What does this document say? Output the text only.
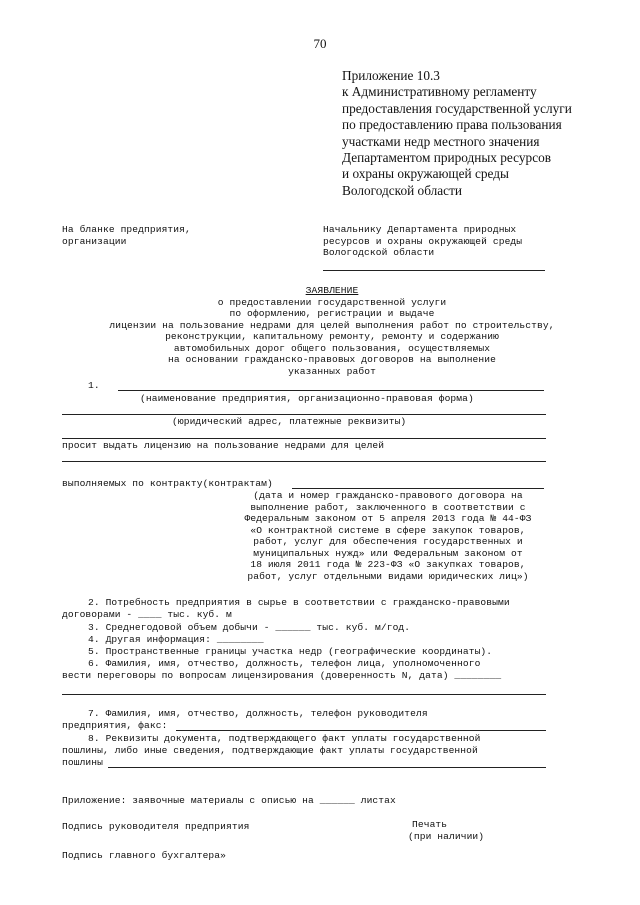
70
Приложение 10.3
к Административному регламенту
предоставления государственной услуги
по предоставлению права пользования
участками недр местного значения
Департаментом природных ресурсов
и охраны окружающей среды
Вологодской области
На бланке предприятия,
организации
Начальнику Департамента природных
ресурсов и охраны окружающей среды
Вологодской области
ЗАЯВЛЕНИЕ
о предоставлении государственной услуги
по оформлению, регистрации и выдаче
лицензии на пользование недрами для целей выполнения работ по строительству,
реконструкции, капитальному ремонту, ремонту и содержанию
автомобильных дорог общего пользования, осуществляемых
на основании гражданско-правовых договоров на выполнение
указанных работ
1.
(наименование предприятия, организационно-правовая форма)
(юридический адрес, платежные реквизиты)
просит выдать лицензию на пользование недрами для целей
выполняемых по контракту(контрактам)
(дата и номер гражданско-правового договора на
выполнение работ, заключенного в соответствии с
Федеральным законом от 5 апреля 2013 года № 44-ФЗ
«О контрактной системе в сфере закупок товаров,
работ, услуг для обеспечения государственных и
муниципальных нужд» или Федеральным законом от
18 июля 2011 года № 223-ФЗ «О закупках товаров,
работ, услуг отдельными видами юридических лиц»)
2. Потребность предприятия в сырье в соответствии с гражданско-правовыми
договорами - ____ тыс. куб. м
3. Среднегодовой объем добычи - ______ тыс. куб. м/год.
4. Другая информация: ________
5. Пространственные границы участка недр (географические координаты).
6. Фамилия, имя, отчество, должность, телефон лица, уполномоченного
вести переговоры по вопросам лицензирования (доверенность N, дата) ________
7. Фамилия, имя, отчество, должность, телефон руководителя
предприятия, факс:
8. Реквизиты документа, подтверждающего факт уплаты государственной
пошлины, либо иные сведения, подтверждающие факт уплаты государственной
пошлины
Приложение: заявочные материалы с описью на ______ листах
Подпись руководителя предприятия	Печать
(при наличии)
Подпись главного бухгалтера»
